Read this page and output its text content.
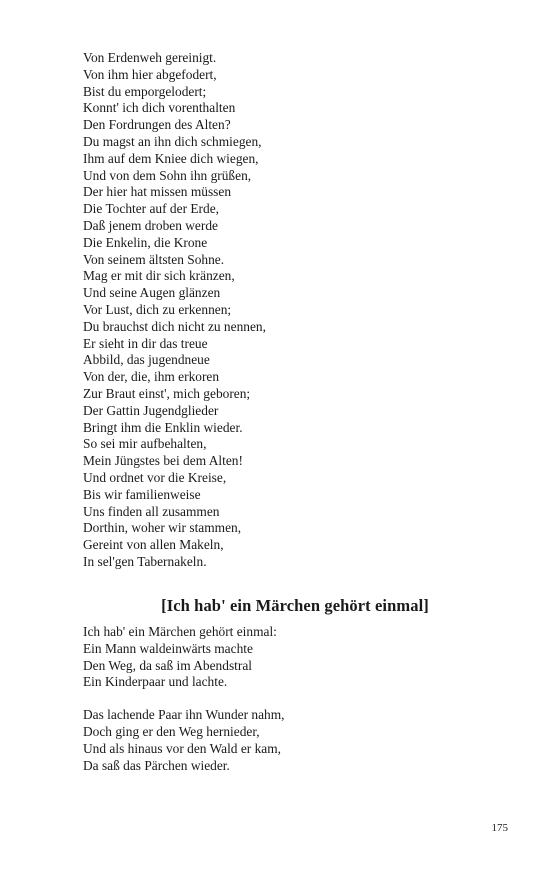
Von Erdenweh gereinigt.
Von ihm hier abgefodert,
Bist du emporgelodert;
Konnt' ich dich vorenthalten
Den Fordrungen des Alten?
Du magst an ihn dich schmiegen,
Ihm auf dem Kniee dich wiegen,
Und von dem Sohn ihn grüßen,
Der hier hat missen müssen
Die Tochter auf der Erde,
Daß jenem droben werde
Die Enkelin, die Krone
Von seinem ältsten Sohne.
Mag er mit dir sich kränzen,
Und seine Augen glänzen
Vor Lust, dich zu erkennen;
Du brauchst dich nicht zu nennen,
Er sieht in dir das treue
Abbild, das jugendneue
Von der, die, ihm erkoren
Zur Braut einst', mich geboren;
Der Gattin Jugendglieder
Bringt ihm die Enklin wieder.
So sei mir aufbehalten,
Mein Jüngstes bei dem Alten!
Und ordnet vor die Kreise,
Bis wir familienweise
Uns finden all zusammen
Dorthin, woher wir stammen,
Gereint von allen Makeln,
In sel'gen Tabernakeln.
[Ich hab' ein Märchen gehört einmal]
Ich hab' ein Märchen gehört einmal:
Ein Mann waldeinwärts machte
Den Weg, da saß im Abendstral
Ein Kinderpaar und lachte.
Das lachende Paar ihn Wunder nahm,
Doch ging er den Weg hernieder,
Und als hinaus vor den Wald er kam,
Da saß das Pärchen wieder.
175
